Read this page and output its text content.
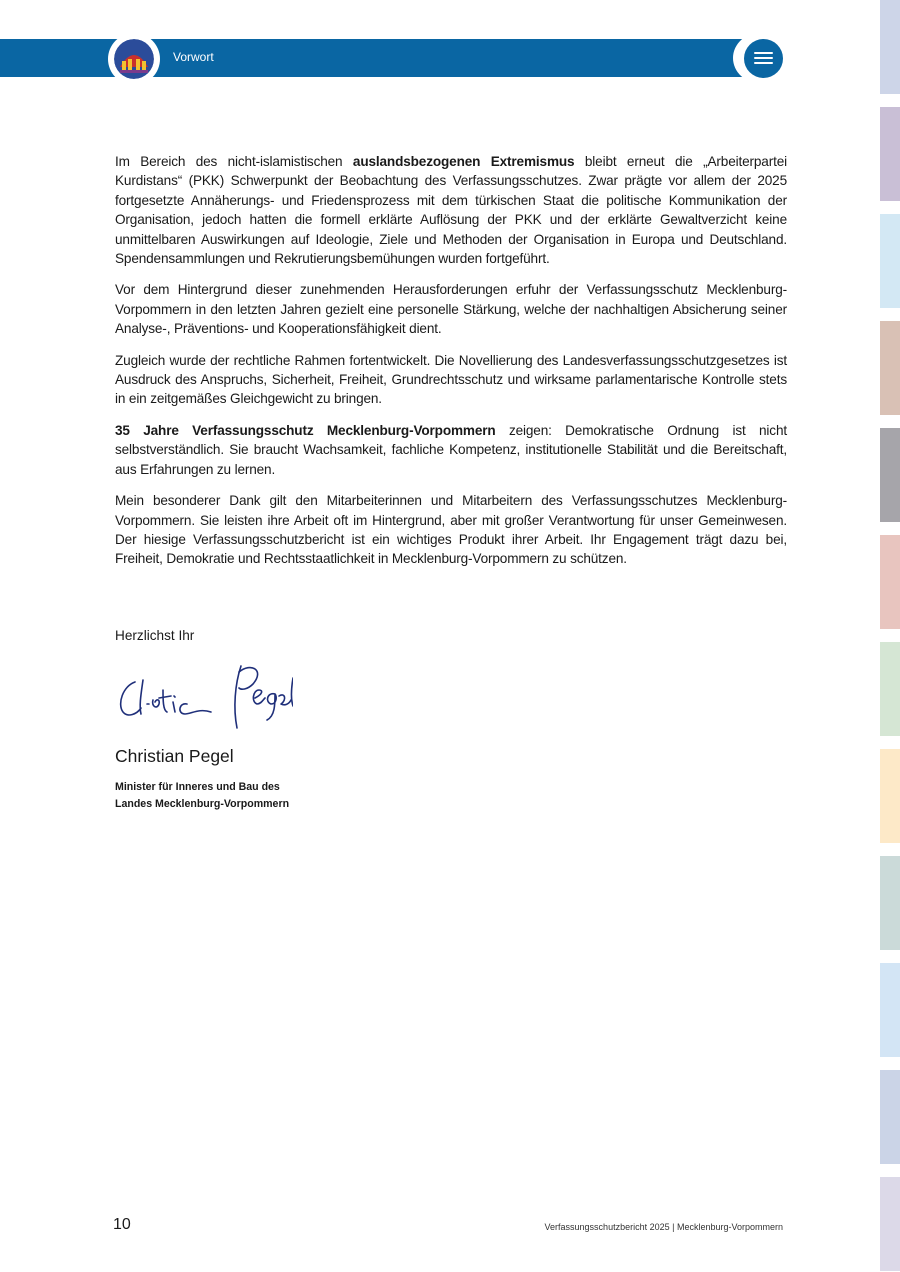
Vorwort

Im Bereich des nicht-islamistischen auslandsbezogenen Extremismus bleibt erneut die „Arbeiterpartei Kurdistans“ (PKK) Schwerpunkt der Beobachtung des Verfassungsschutzes. Zwar prägte vor allem der 2025 fortgesetzte Annäherungs- und Friedensprozess mit dem türkischen Staat die politische Kommunikation der Organisation, jedoch hatten die formell erklärte Auflösung der PKK und der erklärte Gewaltverzicht keine unmittelbaren Auswirkungen auf Ideologie, Ziele und Methoden der Organisation in Europa und Deutschland. Spendensammlungen und Rekrutierungsbemühungen wurden fortgeführt.

Vor dem Hintergrund dieser zunehmenden Herausforderungen erfuhr der Verfassungsschutz Mecklenburg-Vorpommern in den letzten Jahren gezielt eine personelle Stärkung, welche der nachhaltigen Absicherung seiner Analyse-, Präventions- und Kooperationsfähigkeit dient.

Zugleich wurde der rechtliche Rahmen fortentwickelt. Die Novellierung des Landesverfassungsschutzgesetzes ist Ausdruck des Anspruchs, Sicherheit, Freiheit, Grundrechtsschutz und wirksame parlamentarische Kontrolle stets in ein zeitgemäßes Gleichgewicht zu bringen.

35 Jahre Verfassungsschutz Mecklenburg-Vorpommern zeigen: Demokratische Ordnung ist nicht selbstverständlich. Sie braucht Wachsamkeit, fachliche Kompetenz, institutionelle Stabilität und die Bereitschaft, aus Erfahrungen zu lernen.

Mein besonderer Dank gilt den Mitarbeiterinnen und Mitarbeitern des Verfassungsschutzes Mecklenburg-Vorpommern. Sie leisten ihre Arbeit oft im Hintergrund, aber mit großer Verantwortung für unser Gemeinwesen. Der hiesige Verfassungsschutzbericht ist ein wichtiges Produkt ihrer Arbeit. Ihr Engagement trägt dazu bei, Freiheit, Demokratie und Rechtsstaatlichkeit in Mecklenburg-Vorpommern zu schützen.

Herzlichst Ihr
Christian Pegel
Minister für Inneres und Bau des
Landes Mecklenburg-Vorpommern
10	Verfassungsschutzbericht 2025 | Mecklenburg-Vorpommern
